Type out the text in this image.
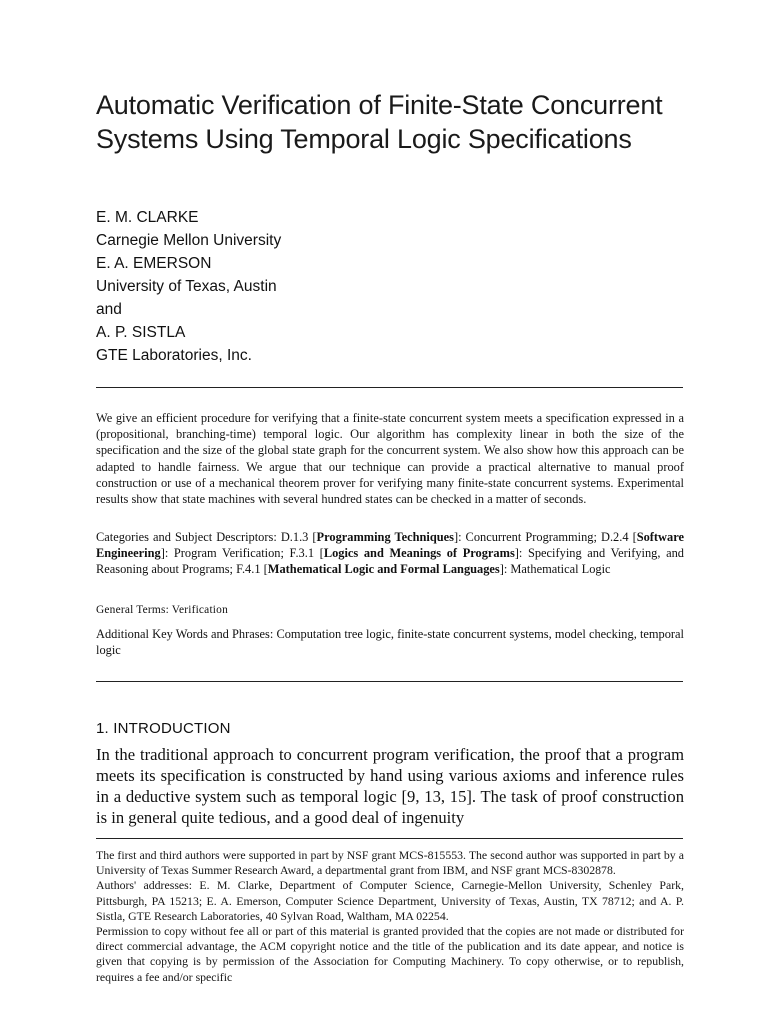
Automatic Verification of Finite-State Concurrent Systems Using Temporal Logic Specifications
E. M. CLARKE
Carnegie Mellon University
E. A. EMERSON
University of Texas, Austin
and
A. P. SISTLA
GTE Laboratories, Inc.

We give an efficient procedure for verifying that a finite-state concurrent system meets a specification expressed in a (propositional, branching-time) temporal logic. Our algorithm has complexity linear in both the size of the specification and the size of the global state graph for the concurrent system. We also show how this approach can be adapted to handle fairness. We argue that our technique can provide a practical alternative to manual proof construction or use of a mechanical theorem prover for verifying many finite-state concurrent systems. Experimental results show that state machines with several hundred states can be checked in a matter of seconds.

Categories and Subject Descriptors: D.1.3 [Programming Techniques]: Concurrent Programming; D.2.4 [Software Engineering]: Program Verification; F.3.1 [Logics and Meanings of Programs]: Specifying and Verifying, and Reasoning about Programs; F.4.1 [Mathematical Logic and Formal Languages]: Mathematical Logic
General Terms: Verification
Additional Key Words and Phrases: Computation tree logic, finite-state concurrent systems, model checking, temporal logic
1. INTRODUCTION
In the traditional approach to concurrent program verification, the proof that a program meets its specification is constructed by hand using various axioms and inference rules in a deductive system such as temporal logic [9, 13, 15]. The task of proof construction is in general quite tedious, and a good deal of ingenuity

The first and third authors were supported in part by NSF grant MCS-815553. The second author was supported in part by a University of Texas Summer Research Award, a departmental grant from IBM, and NSF grant MCS-8302878.

Authors' addresses: E. M. Clarke, Department of Computer Science, Carnegie-Mellon University, Schenley Park, Pittsburgh, PA 15213; E. A. Emerson, Computer Science Department, University of Texas, Austin, TX 78712; and A. P. Sistla, GTE Research Laboratories, 40 Sylvan Road, Waltham, MA 02254.

Permission to copy without fee all or part of this material is granted provided that the copies are not made or distributed for direct commercial advantage, the ACM copyright notice and the title of the publication and its date appear, and notice is given that copying is by permission of the Association for Computing Machinery. To copy otherwise, or to republish, requires a fee and/or specific
